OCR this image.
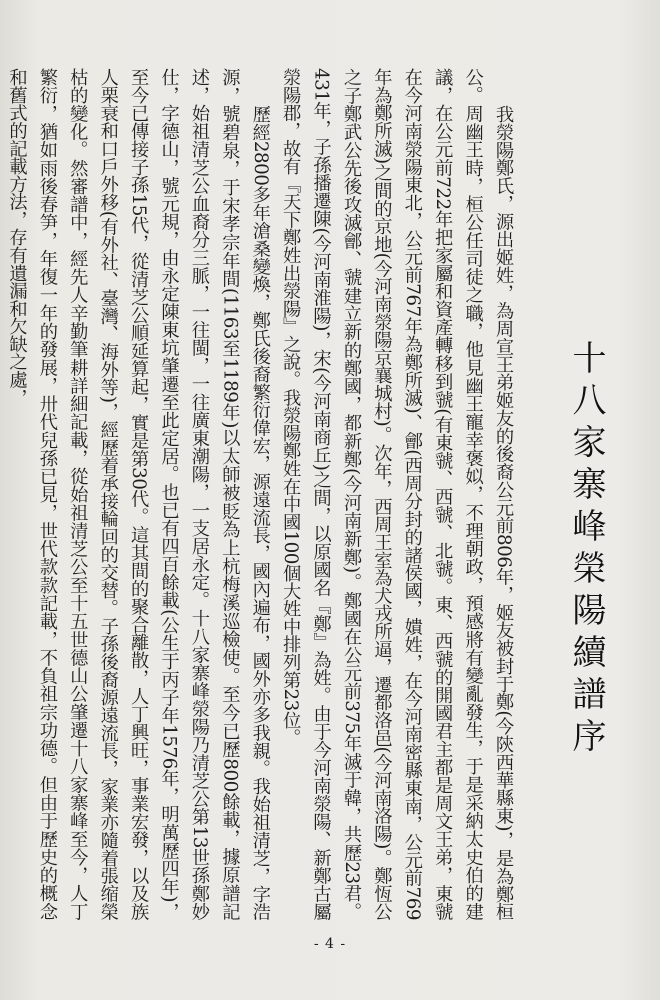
十八家寨峰榮陽續譜序

我滎陽鄭氏，源出姬姓，為周宣王弟姬友的後裔公元前806年，姬友被封于鄭(今陝西華縣東)，是為鄭桓公。周幽王時，桓公任司徒之職，他見幽王寵幸褒姒，不理朝政，預感將有變亂發生，于是采納太史伯的建議，在公元前722年把家屬和資產轉移到虢(有東虢、西虢、北虢。東、西虢的開國君主都是周文王弟，東虢在今河南滎陽東北，公元前767年為鄭所滅)、鄶(西周分封的諸侯國，嬇姓，在今河南密縣東南，公元前769年為鄭所滅)之間的京地(今河南滎陽京襄城村)。次年，西周王室為犬戎所逼，遷都洛邑(今河南洛陽)。鄭恆公之子鄭武公先後攻滅鄶、虢建立新的鄭國，都新鄭(今河南新鄭)。鄭國在公元前375年滅于韓，共歷23君。431年，子孫播遷陳(今河南淮陽)，宋(今河南商丘)之間，以原國名『鄭』為姓。由于今河南滎陽、新鄭古屬滎陽郡，故有『天下鄭姓出滎陽』之說。我滎陽鄭姓在中國100個大姓中排列第23位。

歷經2800多年滄桑變煥，鄭氏後裔繁衍偉宏，源遠流長，國內遍布，國外亦多我親。我始祖清芝，字浩源，號碧泉，于宋孝宗年間(1163至1189年)以太師被貶為上杭梅溪巡檢使。至今已歷800餘載，據原譜記述，始祖清芝公血裔分三脈，一往閩，一往廣東潮陽，一支居永定。十八家寨峰滎陽乃清芝公第13世孫鄭妙仕，字德山，號元規，由永定陳東坑肇遷至此定居。也已有四百餘載(公生于丙子年1576年，明萬歷四年)，至今已傳接子孫15代，從清芝公順延算起，實是第30代。這其間的聚合離散，人丁興旺，事業宏發，以及族人栗衰和口戶外移(有外社、臺灣、海外等)，經歷着承接輪回的交替。子孫後裔源遠流長，家業亦隨着張缩榮枯的變化。然審譜中，經先人辛勤筆耕詳細記載，從始祖清芝公至十五世德山公肇遷十八家寨峰至今，人丁繁衍，猶如雨後春笋，年復一年的發展，卅代兒孫已見，世代款款記載，不負祖宗功德。但由于歷史的概念和舊式的記載方法，存有遺漏和欠缺之處，

- 4 -
